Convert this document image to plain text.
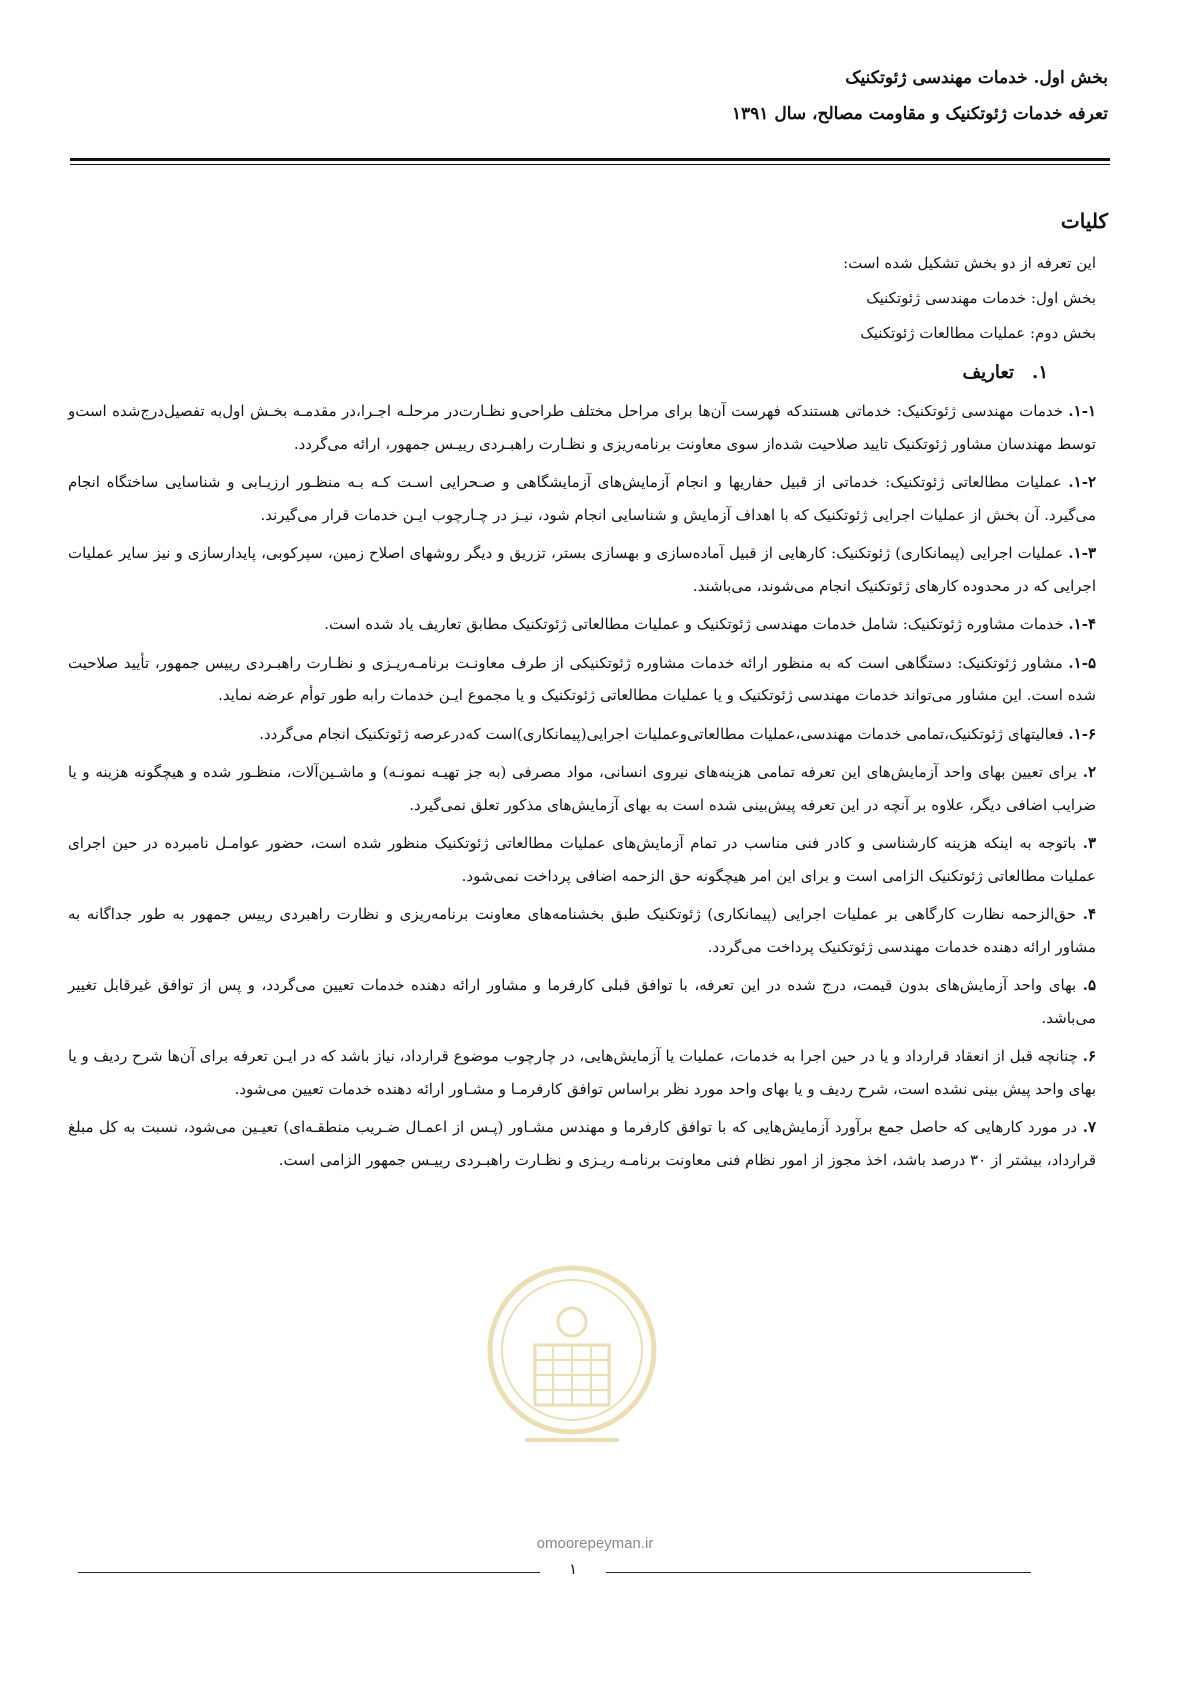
بخش اول. خدمات مهندسی ژئوتکنیک
تعرفه خدمات ژئوتکنیک و مقاومت مصالح، سال ۱۳۹۱
کلیات
این تعرفه از دو بخش تشکیل شده است:
بخش اول: خدمات مهندسی ژئوتکنیک
بخش دوم: عملیات مطالعات ژئوتکنیک
۱.تعاریف
۱-۱. خدمات مهندسی ژئوتکنیک: خدماتی هستندکه فهرست آن‌ها برای مراحل مختلف طراحی‌و نظـارت‌در مرحلـه اجـرا،در مقدمـه بخـش اول‌به تفصیل‌درج‌شده است‌و توسط مهندسان مشاور ژئوتکنیک تایید صلاحیت شده‌از سوی معاونت برنامه‌ریزی و نظـارت راهبـردی رییـس جمهور، ارائه می‌گردد.
۱-۲. عملیات مطالعاتی ژئوتکنیک: خدماتی از قبیل حفاریها و انجام آزمایش‌های آزمایشگاهی و صـحرایی اسـت کـه بـه منظـور ارزیـابی و شناسایی ساختگاه انجام می‌گیرد. آن بخش از عملیات اجرایی ژئوتکنیک که با اهداف آزمایش و شناسایی انجام شود، نیـز در چـارچوب ایـن خدمات قرار می‌گیرند.
۱-۳. عملیات اجرایی (پیمانکاری) ژئوتکنیک: کارهایی از قبیل آماده‌سازی و بهسازی بستر، تزریق و دیگر روشهای اصلاح زمین، سپرکوبی، پایدارسازی و نیز سایر عملیات اجرایی که در محدوده کارهای ژئوتکنیک انجام می‌شوند، می‌باشند.
۱-۴. خدمات مشاوره ژئوتکنیک: شامل خدمات مهندسی ژئوتکنیک و عملیات مطالعاتی ژئوتکنیک مطابق تعاریف یاد شده است.
۱-۵. مشاور ژئوتکنیک: دستگاهی است که به منظور ارائه خدمات مشاوره ژئوتکنیکی از طرف معاونـت برنامـه‌ریـزی و نظـارت راهبـردی رییس جمهور، تأیید صلاحیت شده است. این مشاور می‌تواند خدمات مهندسی ژئوتکنیک و یا عملیات مطالعاتی ژئوتکنیک و یا مجموع ایـن خدمات رابه طور توأم عرضه نماید.
۱-۶. فعالیتهای ژئوتکنیک،تمامی خدمات مهندسی،عملیات مطالعاتی‌وعملیات اجرایی(پیمانکاری)است که‌درعرصه ژئوتکنیک انجام می‌گردد.
۲. برای تعیین بهای واحد آزمایش‌های این تعرفه تمامی هزینه‌های نیروی انسانی، مواد مصرفی (به جز تهیـه نمونـه) و ماشـین‌آلات، منظـور شده و هیچگونه هزینه و یا ضرایب اضافی دیگر، علاوه بر آنچه در این تعرفه پیش‌بینی شده است به بهای آزمایش‌های مذکور تعلق نمی‌گیرد.
۳. باتوجه به اینکه هزینه کارشناسی و کادر فنی مناسب در تمام آزمایش‌های عملیات مطالعاتی ژئوتکنیک منظور شده است، حضور عوامـل نامبرده در حین اجرای عملیات مطالعاتی ژئوتکنیک الزامی است و برای این امر هیچگونه حق الزحمه اضافی پرداخت نمی‌شود.
۴. حق‌الزحمه نظارت کارگاهی بر عملیات اجرایی (پیمانکاری) ژئوتکنیک طبق بخشنامه‌های معاونت برنامه‌ریزی و نظارت راهبردی رییس جمهور به طور جداگانه به مشاور ارائه دهنده خدمات مهندسی ژئوتکنیک پرداخت می‌گردد.
۵. بهای واحد آزمایش‌های بدون قیمت، درج شده در این تعرفه، با توافق قبلی کارفرما و مشاور ارائه دهنده خدمات تعیین می‌گردد، و پس از توافق غیرقابل تغییر می‌باشد.
۶. چنانچه قبل از انعقاد قرارداد و یا در حین اجرا به خدمات، عملیات یا آزمایش‌هایی، در چارچوب موضوع قرارداد، نیاز باشد که در ایـن تعرفه برای آن‌ها شرح ردیف و یا بهای واحد پیش بینی نشده است، شرح ردیف و یا بهای واحد مورد نظر براساس توافق کارفرمـا و مشـاور ارائه دهنده خدمات تعیین می‌شود.
۷. در مورد کارهایی که حاصل جمع برآورد آزمایش‌هایی که با توافق کارفرما و مهندس مشـاور (پـس از اعمـال ضـریب منطقـه‌ای) تعیـین می‌شود، نسبت به کل مبلغ قرارداد، بیشتر از ۳۰ درصد باشد، اخذ مجوز از امور نظام فنی معاونت برنامـه ریـزی و نظـارت راهبـردی رییـس جمهور الزامی است.
omoorepeyman.ir
۱
